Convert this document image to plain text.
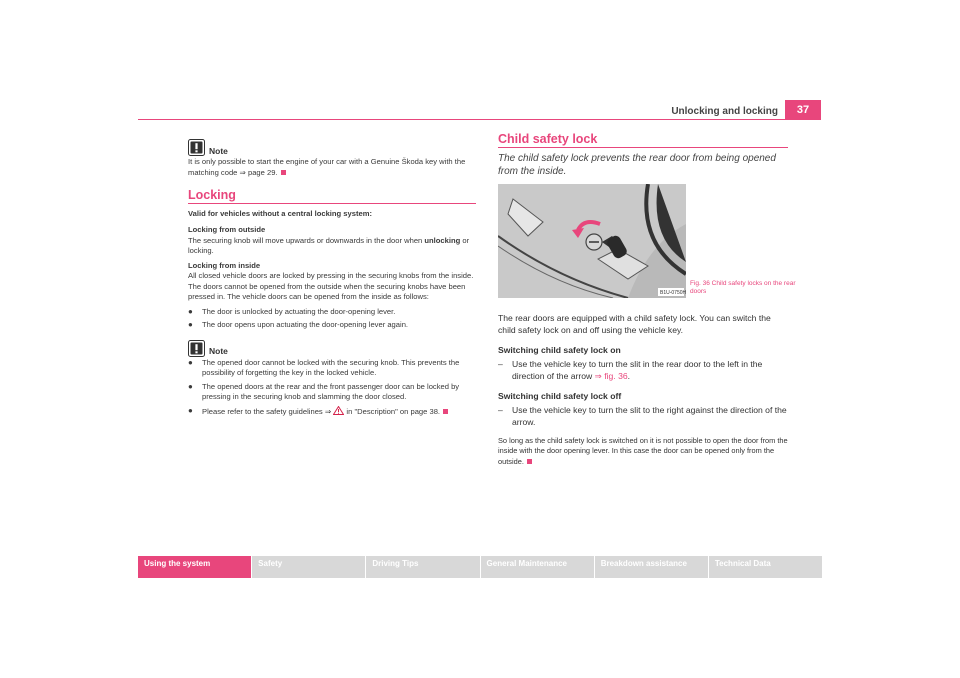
Unlocking and locking	37
Note

It is only possible to start the engine of your car with a Genuine Škoda key with the matching code ⇒ page 29.

Locking

Valid for vehicles without a central locking system:

Locking from outside

The securing knob will move upwards or downwards in the door when unlocking or locking.

Locking from inside

All closed vehicle doors are locked by pressing in the securing knobs from the inside. The doors cannot be opened from the outside when the securing knobs have been pressed in. The vehicle doors can be opened from the inside as follows:

● The door is unlocked by actuating the door-opening lever.
● The door opens upon actuating the door-opening lever again.
Note
● The opened door cannot be locked with the securing knob. This prevents the possibility of forgetting the key in the locked vehicle.
● The opened doors at the rear and the front passenger door can be locked by pressing in the securing knob and slamming the door closed.
● Please refer to the safety guidelines ⇒  in "Description" on page 38.
Child safety lock
The child safety lock prevents the rear door from being opened from the inside.
B1U-0750H
Fig. 36 Child safety locks on the rear doors

The rear doors are equipped with a child safety lock. You can switch the child safety lock on and off using the vehicle key.

Switching child safety lock on

– Use the vehicle key to turn the slit in the rear door to the left in the direction of the arrow ⇒ fig. 36.

Switching child safety lock off

– Use the vehicle key to turn the slit to the right against the direction of the arrow.

So long as the child safety lock is switched on it is not possible to open the door from the inside with the door opening lever. In this case the door can be opened only from the outside.

Using the system	Safety	Driving Tips	General Maintenance	Breakdown assistance	Technical Data
